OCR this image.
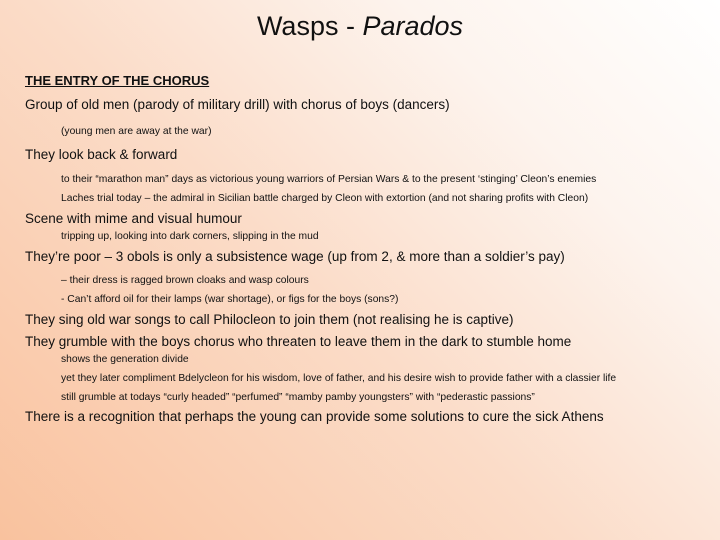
Wasps - Parados
THE ENTRY OF THE CHORUS
Group of old men (parody of military drill) with chorus of boys (dancers)
(young men are away at the war)
They look back & forward
to their “marathon man” days as victorious young warriors of Persian Wars & to the present ‘stinging’ Cleon’s enemies
Laches trial today – the admiral in Sicilian battle charged by Cleon with extortion (and not sharing profits with Cleon)
Scene with mime and visual humour
tripping up, looking into dark corners, slipping in the mud
They’re poor – 3 obols is only a subsistence wage (up from 2, & more than a soldier’s pay)
– their dress is ragged brown cloaks and wasp colours
- Can’t afford oil for their lamps (war shortage), or figs for the boys (sons?)
They sing old war songs to call Philocleon to join them (not realising he is captive)
They grumble with the boys chorus who threaten to leave them in the dark to stumble home
shows the generation divide
yet they later compliment Bdelycleon for his wisdom, love of father, and his desire wish to provide father with a classier life
still grumble at todays “curly headed” “perfumed” “mamby pamby youngsters” with “pederastic passions”
There is a recognition that perhaps the young can provide some solutions to cure the sick Athens
